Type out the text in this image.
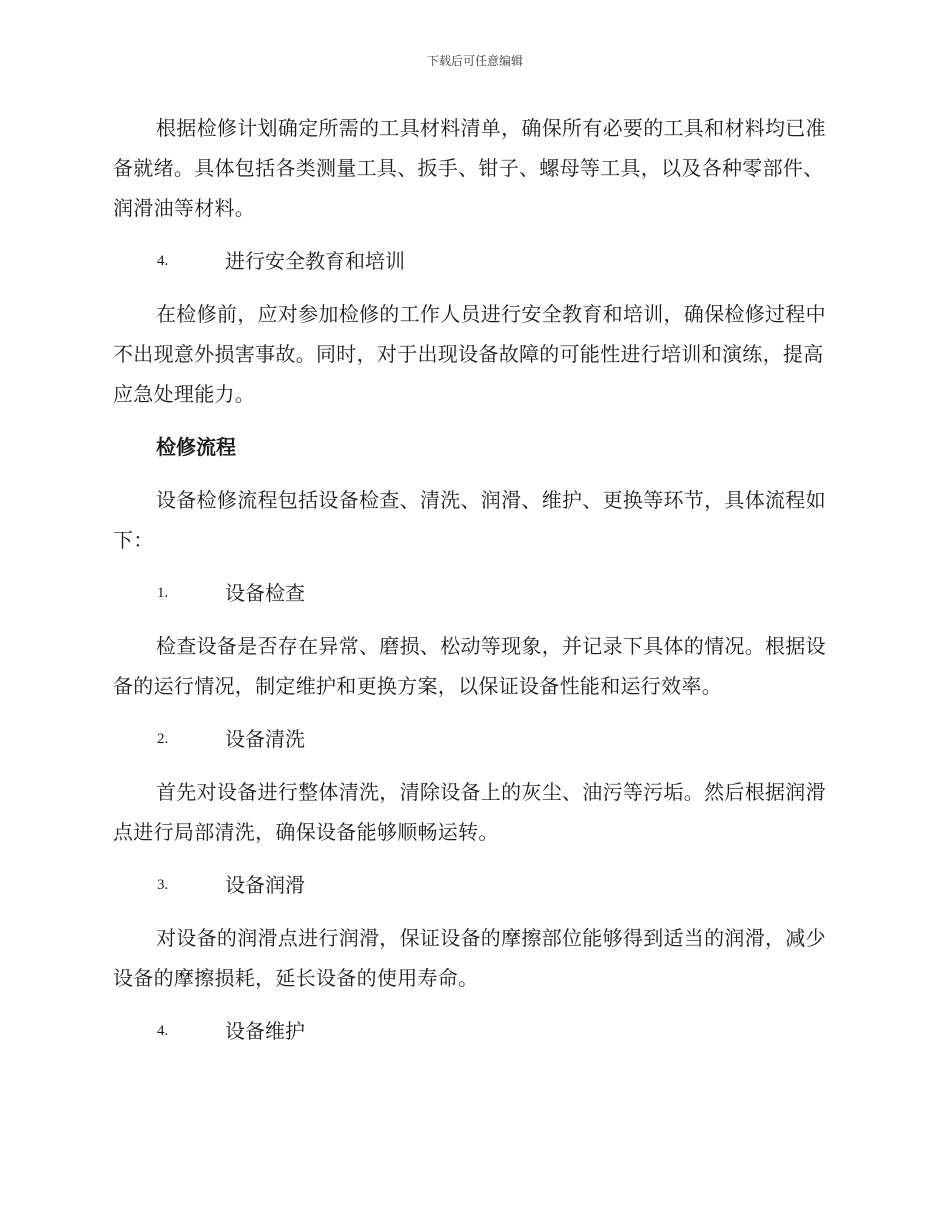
下载后可任意编辑

根据检修计划确定所需的工具材料清单，确保所有必要的工具和材料均已准备就绪。具体包括各类测量工具、扳手、钳子、螺母等工具，以及各种零部件、润滑油等材料。

4.	进行安全教育和培训

在检修前，应对参加检修的工作人员进行安全教育和培训，确保检修过程中不出现意外损害事故。同时，对于出现设备故障的可能性进行培训和演练，提高应急处理能力。

检修流程

设备检修流程包括设备检查、清洗、润滑、维护、更换等环节，具体流程如下：

1.	设备检查

检查设备是否存在异常、磨损、松动等现象，并记录下具体的情况。根据设备的运行情况，制定维护和更换方案，以保证设备性能和运行效率。

2.	设备清洗

首先对设备进行整体清洗，清除设备上的灰尘、油污等污垢。然后根据润滑点进行局部清洗，确保设备能够顺畅运转。

3.	设备润滑

对设备的润滑点进行润滑，保证设备的摩擦部位能够得到适当的润滑，减少设备的摩擦损耗，延长设备的使用寿命。

4.	设备维护
